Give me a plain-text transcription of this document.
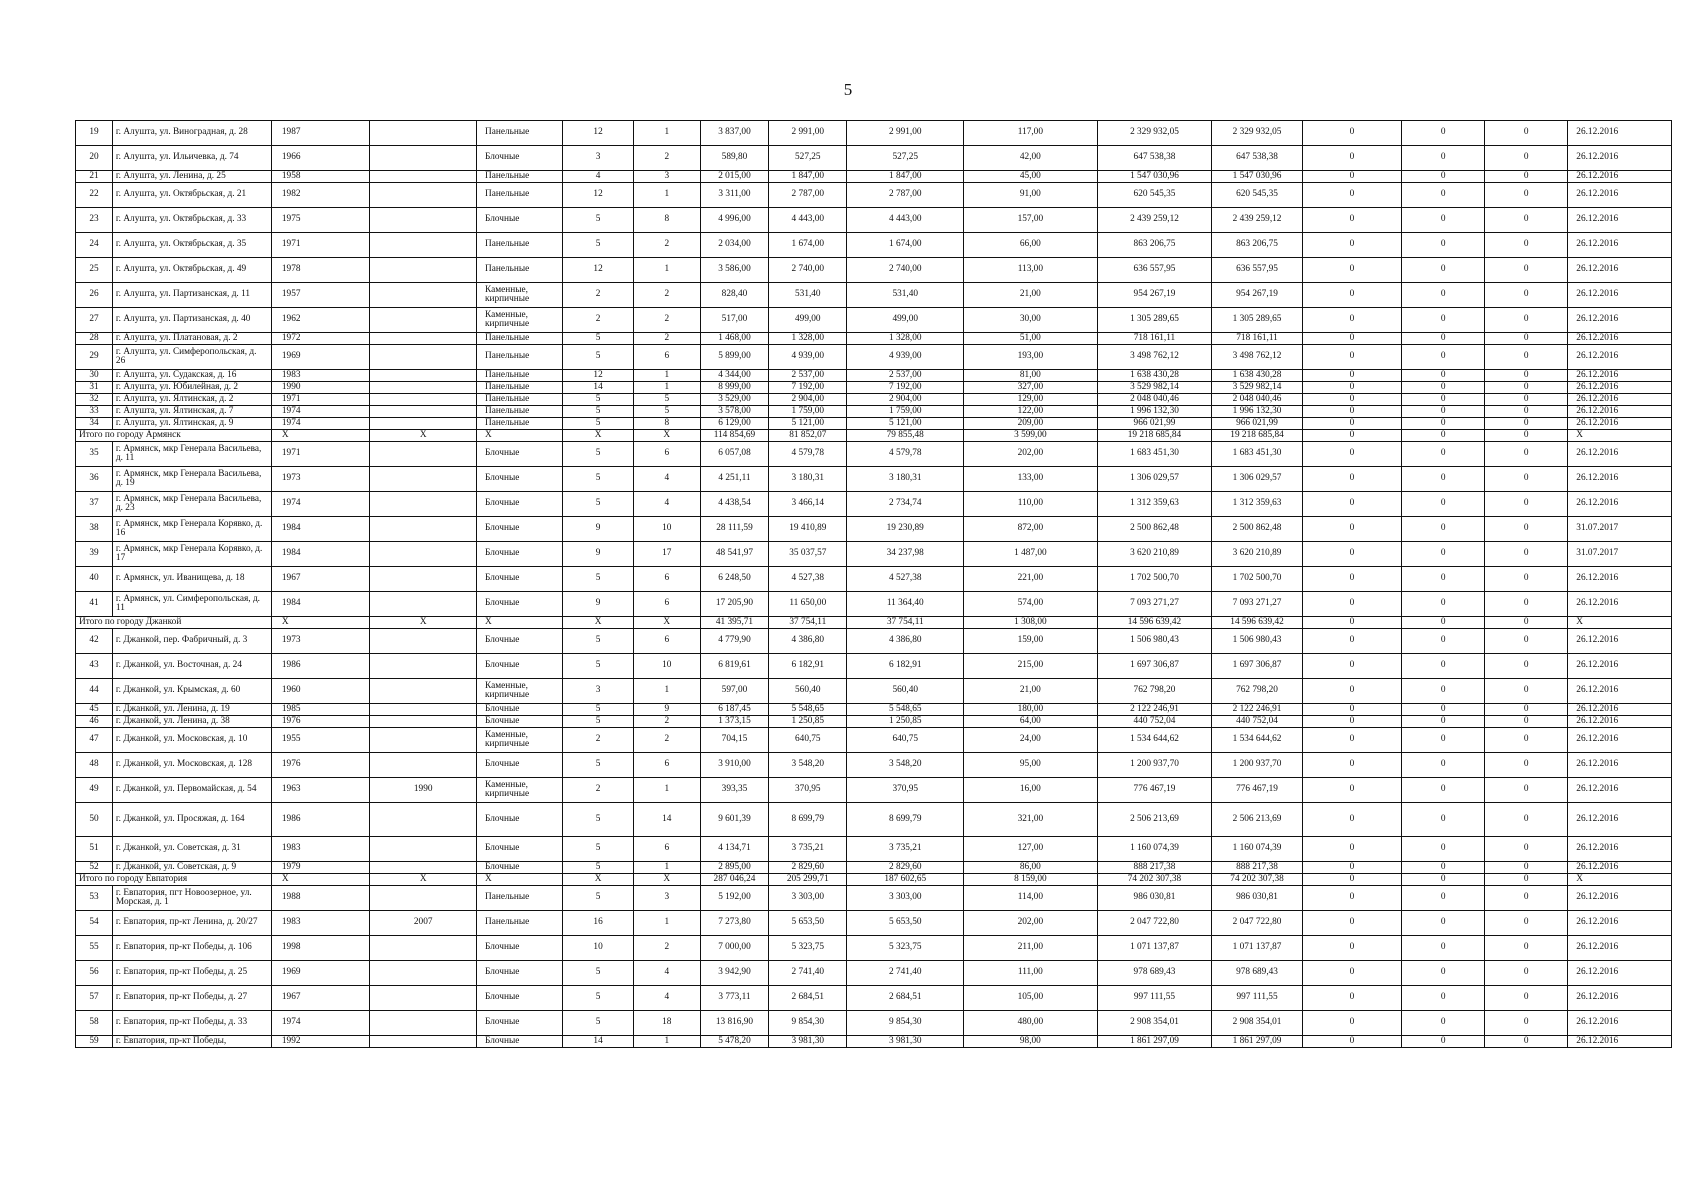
5
19	г. Алушта, ул. Виноградная, д. 28	1987		Панельные	12	1	3 837,00	2 991,00	2 991,00	117,00	2 329 932,05	2 329 932,05	0	0	0	26.12.2016
20	г. Алушта, ул. Ильичевка, д. 74	1966		Блочные	3	2	589,80	527,25	527,25	42,00	647 538,38	647 538,38	0	0	0	26.12.2016
21	г. Алушта, ул. Ленина, д. 25	1958		Панельные	4	3	2 015,00	1 847,00	1 847,00	45,00	1 547 030,96	1 547 030,96	0	0	0	26.12.2016
22	г. Алушта, ул. Октябрьская, д. 21	1982		Панельные	12	1	3 311,00	2 787,00	2 787,00	91,00	620 545,35	620 545,35	0	0	0	26.12.2016
23	г. Алушта, ул. Октябрьская, д. 33	1975		Блочные	5	8	4 996,00	4 443,00	4 443,00	157,00	2 439 259,12	2 439 259,12	0	0	0	26.12.2016
24	г. Алушта, ул. Октябрьская, д. 35	1971		Панельные	5	2	2 034,00	1 674,00	1 674,00	66,00	863 206,75	863 206,75	0	0	0	26.12.2016
25	г. Алушта, ул. Октябрьская, д. 49	1978		Панельные	12	1	3 586,00	2 740,00	2 740,00	113,00	636 557,95	636 557,95	0	0	0	26.12.2016
26	г. Алушта, ул. Партизанская, д. 11	1957		Каменные, кирпичные	2	2	828,40	531,40	531,40	21,00	954 267,19	954 267,19	0	0	0	26.12.2016
27	г. Алушта, ул. Партизанская, д. 40	1962		Каменные, кирпичные	2	2	517,00	499,00	499,00	30,00	1 305 289,65	1 305 289,65	0	0	0	26.12.2016
28	г. Алушта, ул. Платановая, д. 2	1972		Панельные	5	2	1 468,00	1 328,00	1 328,00	51,00	718 161,11	718 161,11	0	0	0	26.12.2016
29	г. Алушта, ул. Симферопольская, д. 26	1969		Панельные	5	6	5 899,00	4 939,00	4 939,00	193,00	3 498 762,12	3 498 762,12	0	0	0	26.12.2016
30	г. Алушта, ул. Судакская, д. 16	1983		Панельные	12	1	4 344,00	2 537,00	2 537,00	81,00	1 638 430,28	1 638 430,28	0	0	0	26.12.2016
31	г. Алушта, ул. Юбилейная, д. 2	1990		Панельные	14	1	8 999,00	7 192,00	7 192,00	327,00	3 529 982,14	3 529 982,14	0	0	0	26.12.2016
32	г. Алушта, ул. Ялтинская, д. 2	1971		Панельные	5	5	3 529,00	2 904,00	2 904,00	129,00	2 048 040,46	2 048 040,46	0	0	0	26.12.2016
33	г. Алушта, ул. Ялтинская, д. 7	1974		Панельные	5	5	3 578,00	1 759,00	1 759,00	122,00	1 996 132,30	1 996 132,30	0	0	0	26.12.2016
34	г. Алушта, ул. Ялтинская, д. 9	1974		Панельные	5	8	6 129,00	5 121,00	5 121,00	209,00	966 021,99	966 021,99	0	0	0	26.12.2016
Итого по городу Армянск		X	X	X	X	X	114 854,69	81 852,07	79 855,48	3 599,00	19 218 685,84	19 218 685,84	0	0	0	X
35	г. Армянск, мкр Генерала Васильева, д. 11	1971		Блочные	5	6	6 057,08	4 579,78	4 579,78	202,00	1 683 451,30	1 683 451,30	0	0	0	26.12.2016
36	г. Армянск, мкр Генерала Васильева, д. 19	1973		Блочные	5	4	4 251,11	3 180,31	3 180,31	133,00	1 306 029,57	1 306 029,57	0	0	0	26.12.2016
37	г. Армянск, мкр Генерала Васильева, д. 23	1974		Блочные	5	4	4 438,54	3 466,14	2 734,74	110,00	1 312 359,63	1 312 359,63	0	0	0	26.12.2016
38	г. Армянск, мкр Генерала Корявко, д. 16	1984		Блочные	9	10	28 111,59	19 410,89	19 230,89	872,00	2 500 862,48	2 500 862,48	0	0	0	31.07.2017
39	г. Армянск, мкр Генерала Корявко, д. 17	1984		Блочные	9	17	48 541,97	35 037,57	34 237,98	1 487,00	3 620 210,89	3 620 210,89	0	0	0	31.07.2017
40	г. Армянск, ул. Иванищева, д. 18	1967		Блочные	5	6	6 248,50	4 527,38	4 527,38	221,00	1 702 500,70	1 702 500,70	0	0	0	26.12.2016
41	г. Армянск, ул. Симферопольская, д. 11	1984		Блочные	9	6	17 205,90	11 650,00	11 364,40	574,00	7 093 271,27	7 093 271,27	0	0	0	26.12.2016
Итого по городу Джанкой		X	X	X	X	X	41 395,71	37 754,11	37 754,11	1 308,00	14 596 639,42	14 596 639,42	0	0	0	X
42	г. Джанкой, пер. Фабричный, д. 3	1973		Блочные	5	6	4 779,90	4 386,80	4 386,80	159,00	1 506 980,43	1 506 980,43	0	0	0	26.12.2016
43	г. Джанкой, ул. Восточная, д. 24	1986		Блочные	5	10	6 819,61	6 182,91	6 182,91	215,00	1 697 306,87	1 697 306,87	0	0	0	26.12.2016
44	г. Джанкой, ул. Крымская, д. 60	1960		Каменные, кирпичные	3	1	597,00	560,40	560,40	21,00	762 798,20	762 798,20	0	0	0	26.12.2016
45	г. Джанкой, ул. Ленина, д. 19	1985		Блочные	5	9	6 187,45	5 548,65	5 548,65	180,00	2 122 246,91	2 122 246,91	0	0	0	26.12.2016
46	г. Джанкой, ул. Ленина, д. 38	1976		Блочные	5	2	1 373,15	1 250,85	1 250,85	64,00	440 752,04	440 752,04	0	0	0	26.12.2016
47	г. Джанкой, ул. Московская, д. 10	1955		Каменные, кирпичные	2	2	704,15	640,75	640,75	24,00	1 534 644,62	1 534 644,62	0	0	0	26.12.2016
48	г. Джанкой, ул. Московская, д. 128	1976		Блочные	5	6	3 910,00	3 548,20	3 548,20	95,00	1 200 937,70	1 200 937,70	0	0	0	26.12.2016
49	г. Джанкой, ул. Первомайская, д. 54	1963	1990	Каменные, кирпичные	2	1	393,35	370,95	370,95	16,00	776 467,19	776 467,19	0	0	0	26.12.2016
50	г. Джанкой, ул. Просяжая, д. 164	1986		Блочные	5	14	9 601,39	8 699,79	8 699,79	321,00	2 506 213,69	2 506 213,69	0	0	0	26.12.2016
51	г. Джанкой, ул. Советская, д. 31	1983		Блочные	5	6	4 134,71	3 735,21	3 735,21	127,00	1 160 074,39	1 160 074,39	0	0	0	26.12.2016
52	г. Джанкой, ул. Советская, д. 9	1979		Блочные	5	1	2 895,00	2 829,60	2 829,60	86,00	888 217,38	888 217,38	0	0	0	26.12.2016
Итого по городу Евпатория		X	X	X	X	X	287 046,24	205 299,71	187 602,65	8 159,00	74 202 307,38	74 202 307,38	0	0	0	X
53	г. Евпатория, пгт Новоозерное, ул. Морская, д. 1	1988		Панельные	5	3	5 192,00	3 303,00	3 303,00	114,00	986 030,81	986 030,81	0	0	0	26.12.2016
54	г. Евпатория, пр-кт Ленина, д. 20/27	1983	2007	Панельные	16	1	7 273,80	5 653,50	5 653,50	202,00	2 047 722,80	2 047 722,80	0	0	0	26.12.2016
55	г. Евпатория, пр-кт Победы, д. 106	1998		Блочные	10	2	7 000,00	5 323,75	5 323,75	211,00	1 071 137,87	1 071 137,87	0	0	0	26.12.2016
56	г. Евпатория, пр-кт Победы, д. 25	1969		Блочные	5	4	3 942,90	2 741,40	2 741,40	111,00	978 689,43	978 689,43	0	0	0	26.12.2016
57	г. Евпатория, пр-кт Победы, д. 27	1967		Блочные	5	4	3 773,11	2 684,51	2 684,51	105,00	997 111,55	997 111,55	0	0	0	26.12.2016
58	г. Евпатория, пр-кт Победы, д. 33	1974		Блочные	5	18	13 816,90	9 854,30	9 854,30	480,00	2 908 354,01	2 908 354,01	0	0	0	26.12.2016
59	г. Евпатория, пр-кт Победы,	1992		Блочные	14	1	5 478,20	3 981,30	3 981,30	98,00	1 861 297,09	1 861 297,09	0	0	0	26.12.2016
